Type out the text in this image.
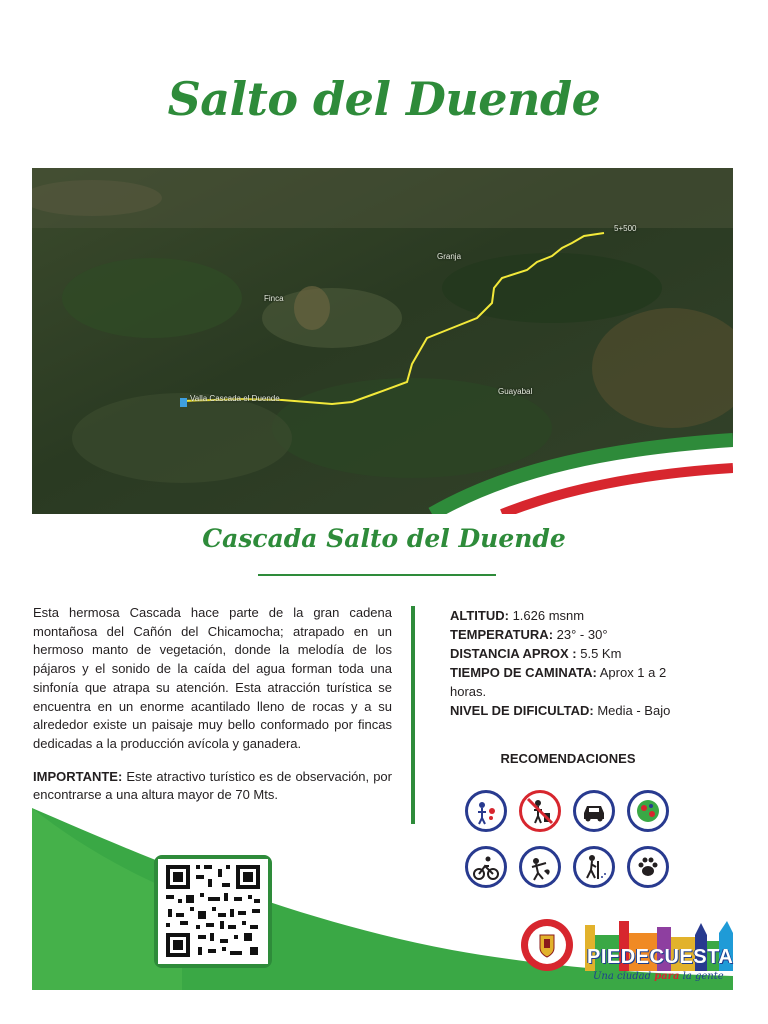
Salto del Duende
5+500
Granja
Finca
Guayabal
Valla Cascada el Duende
Cascada Salto del Duende

Esta hermosa Cascada hace parte de la gran cadena montañosa del Cañón del Chicamocha; atrapado en un hermoso manto de vegetación, donde la melodía de los pájaros y el sonido de la caída del agua forman toda una sinfonía que atrapa su atención. Esta atracción turística se encuentra en un enorme acantilado lleno de rocas y a su alrededor existe un paisaje muy bello conformado por fincas dedicadas a la producción avícola y ganadera.

IMPORTANTE: Este atractivo turístico es de observación, por encontrarse a una altura mayor de 70 Mts.

ALTITUD: 1.626 msnm
TEMPERATURA: 23° - 30°
DISTANCIA APROX : 5.5 Km
TIEMPO DE CAMINATA: Aprox 1 a 2 horas.
NIVEL DE DIFICULTAD: Media - Bajo
RECOMENDACIONES
PIEDECUESTA
Una ciudad para la gente
